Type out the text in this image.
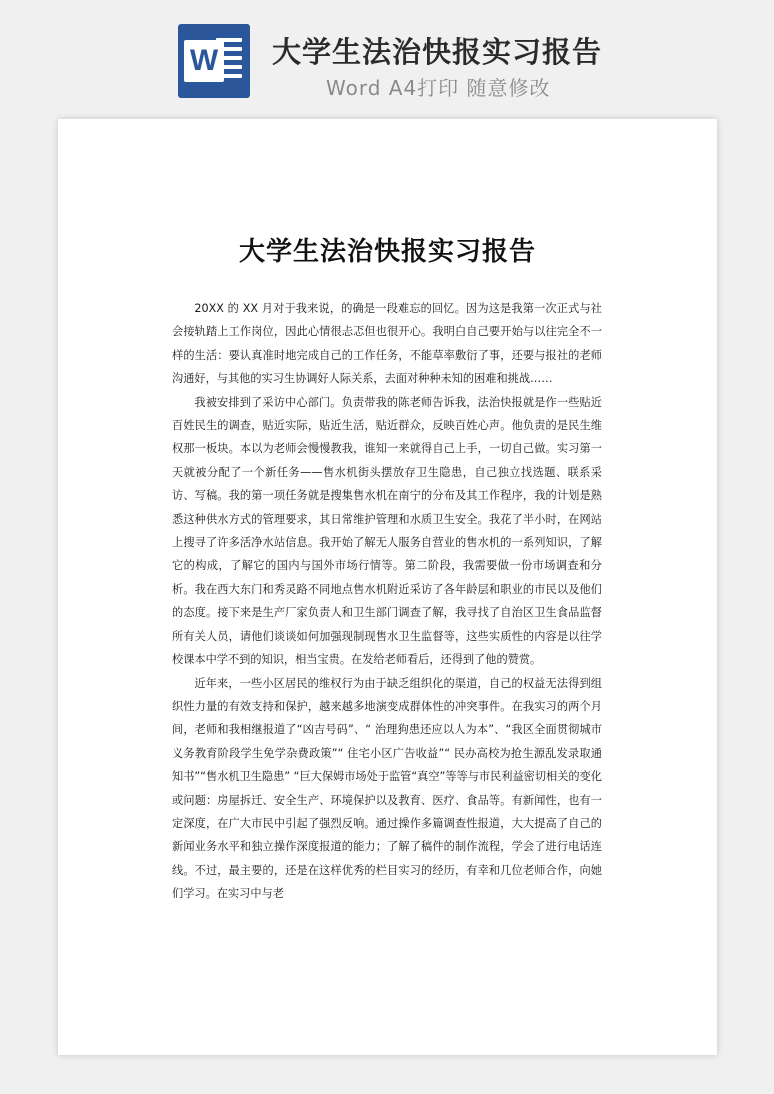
W 大学生法治快报实习报告
Word A4打印 随意修改
大学生法治快报实习报告

20XX 的 XX 月对于我来说，的确是一段难忘的回忆。因为这是我第一次正式与社会接轨踏上工作岗位，因此心情很忐忑但也很开心。我明白自己要开始与以往完全不一样的生活：要认真准时地完成自己的工作任务，不能草率敷衍了事，还要与报社的老师沟通好，与其他的实习生协调好人际关系，去面对种种未知的困难和挑战……

我被安排到了采访中心部门。负责带我的陈老师告诉我，法治快报就是作一些贴近百姓民生的调查，贴近实际，贴近生活，贴近群众，反映百姓心声。他负责的是民生维权那一板块。本以为老师会慢慢教我，谁知一来就得自己上手，一切自己做。实习第一天就被分配了一个新任务——售水机街头摆放存卫生隐患，自己独立找选题、联系采访、写稿。我的第一项任务就是搜集售水机在南宁的分布及其工作程序，我的计划是熟悉这种供水方式的管理要求，其日常维护管理和水质卫生安全。我花了半小时，在网站上搜寻了许多活净水站信息。我开始了解无人服务自营业的售水机的一系列知识，了解它的构成，了解它的国内与国外市场行情等。第二阶段，我需要做一份市场调查和分析。我在西大东门和秀灵路不同地点售水机附近采访了各年龄层和职业的市民以及他们的态度。接下来是生产厂家负责人和卫生部门调查了解，我寻找了自治区卫生食品监督所有关人员，请他们谈谈如何加强现制现售水卫生监督等，这些实质性的内容是以往学校课本中学不到的知识，相当宝贵。在发给老师看后，还得到了他的赞赏。

近年来，一些小区居民的维权行为由于缺乏组织化的渠道，自己的权益无法得到组织性力量的有效支持和保护，越来越多地演变成群体性的冲突事件。在我实习的两个月间，老师和我相继报道了“凶吉号码”、“ 治理狗患还应以人为本”、“我区全面贯彻城市义务教育阶段学生免学杂费政策”“ 住宅小区广告收益”“ 民办高校为抢生源乱发录取通知书”“售水机卫生隐患” “巨大保姆市场处于监管“真空”等等与市民利益密切相关的变化或问题：房屋拆迁、安全生产、环境保护以及教育、医疗、食品等。有新闻性，也有一定深度，在广大市民中引起了强烈反响。通过操作多篇调查性报道，大大提高了自己的新闻业务水平和独立操作深度报道的能力；了解了稿件的制作流程，学会了进行电话连线。不过，最主要的，还是在这样优秀的栏目实习的经历，有幸和几位老师合作，向她们学习。在实习中与老
